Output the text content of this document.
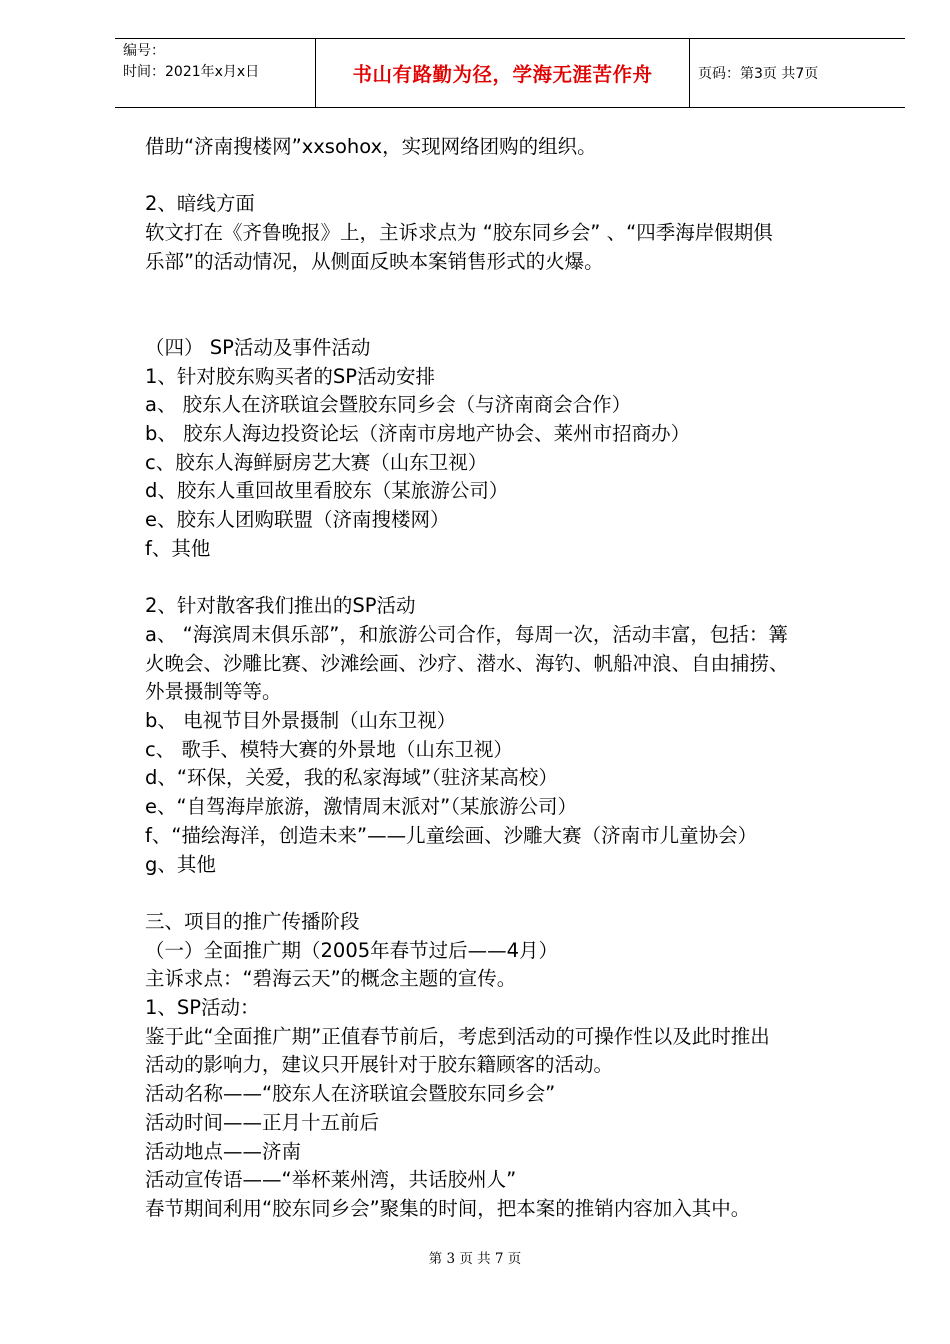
编号：
时间：2021年x月x日	书山有路勤为径，学海无涯苦作舟	页码：第3页 共7页
借助“济南搜楼网”xxsohox，实现网络团购的组织。
2、暗线方面
软文打在《齐鲁晚报》上，主诉求点为 “胶东同乡会” 、“四季海岸假期俱
乐部”的活动情况，从侧面反映本案销售形式的火爆。
（四） SP活动及事件活动
1、针对胶东购买者的SP活动安排
a、 胶东人在济联谊会暨胶东同乡会（与济南商会合作）
b、 胶东人海边投资论坛（济南市房地产协会、莱州市招商办）
c、胶东人海鲜厨房艺大赛（山东卫视）
d、胶东人重回故里看胶东（某旅游公司）
e、胶东人团购联盟（济南搜楼网）
f、其他
2、针对散客我们推出的SP活动
a、 “海滨周末俱乐部”，和旅游公司合作，每周一次，活动丰富，包括：篝
火晚会、沙雕比赛、沙滩绘画、沙疗、潜水、海钓、帆船冲浪、自由捕捞、
外景摄制等等。
b、 电视节目外景摄制（山东卫视）
c、 歌手、模特大赛的外景地（山东卫视）
d、“环保，关爱，我的私家海域”（驻济某高校）
e、“自驾海岸旅游，激情周末派对”（某旅游公司）
f、“描绘海洋，创造未来”——儿童绘画、沙雕大赛（济南市儿童协会）
g、其他
三、项目的推广传播阶段
（一）全面推广期（2005年春节过后——4月）
主诉求点：“碧海云天”的概念主题的宣传。
1、SP活动：
鉴于此“全面推广期”正值春节前后，考虑到活动的可操作性以及此时推出
活动的影响力，建议只开展针对于胶东籍顾客的活动。
活动名称——“胶东人在济联谊会暨胶东同乡会”
活动时间——正月十五前后
活动地点——济南
活动宣传语——“举杯莱州湾，共话胶州人”
春节期间利用“胶东同乡会”聚集的时间，把本案的推销内容加入其中。
第 3 页 共 7 页
